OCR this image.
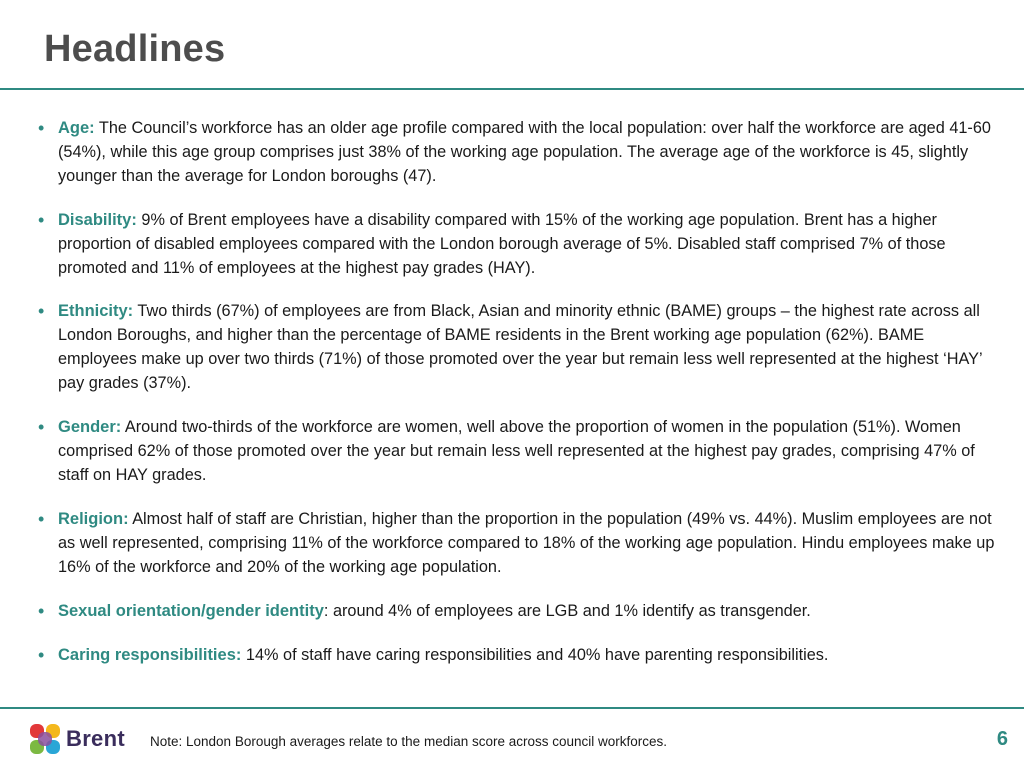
Headlines
• Age: The Council’s workforce has an older age profile compared with the local population: over half the workforce are aged 41-60 (54%), while this age group comprises just 38% of the working age population. The average age of the workforce is 45, slightly younger than the average for London boroughs (47).
• Disability: 9% of Brent employees have a disability compared with 15% of the working age population. Brent has a higher proportion of disabled employees compared with the London borough average of 5%. Disabled staff comprised 7% of those promoted and 11% of employees at the highest pay grades (HAY).
• Ethnicity: Two thirds (67%) of employees are from Black, Asian and minority ethnic (BAME) groups – the highest rate across all London Boroughs, and higher than the percentage of BAME residents in the Brent working age population (62%). BAME employees make up over two thirds (71%) of those promoted over the year but remain less well represented at the highest ‘HAY’ pay grades (37%).
• Gender: Around two-thirds of the workforce are women, well above the proportion of women in the population (51%). Women comprised 62% of those promoted over the year but remain less well represented at the highest pay grades, comprising 47% of staff on HAY grades.
• Religion: Almost half of staff are Christian, higher than the proportion in the population (49% vs. 44%). Muslim employees are not as well represented, comprising 11% of the workforce compared to 18% of the working age population. Hindu employees make up 16% of the workforce and 20% of the working age population.
• Sexual orientation/gender identity: around 4% of employees are LGB and 1% identify as transgender.
• Caring responsibilities: 14% of staff have caring responsibilities and 40% have parenting responsibilities.
Brent Note: London Borough averages relate to the median score across council workforces.	6
